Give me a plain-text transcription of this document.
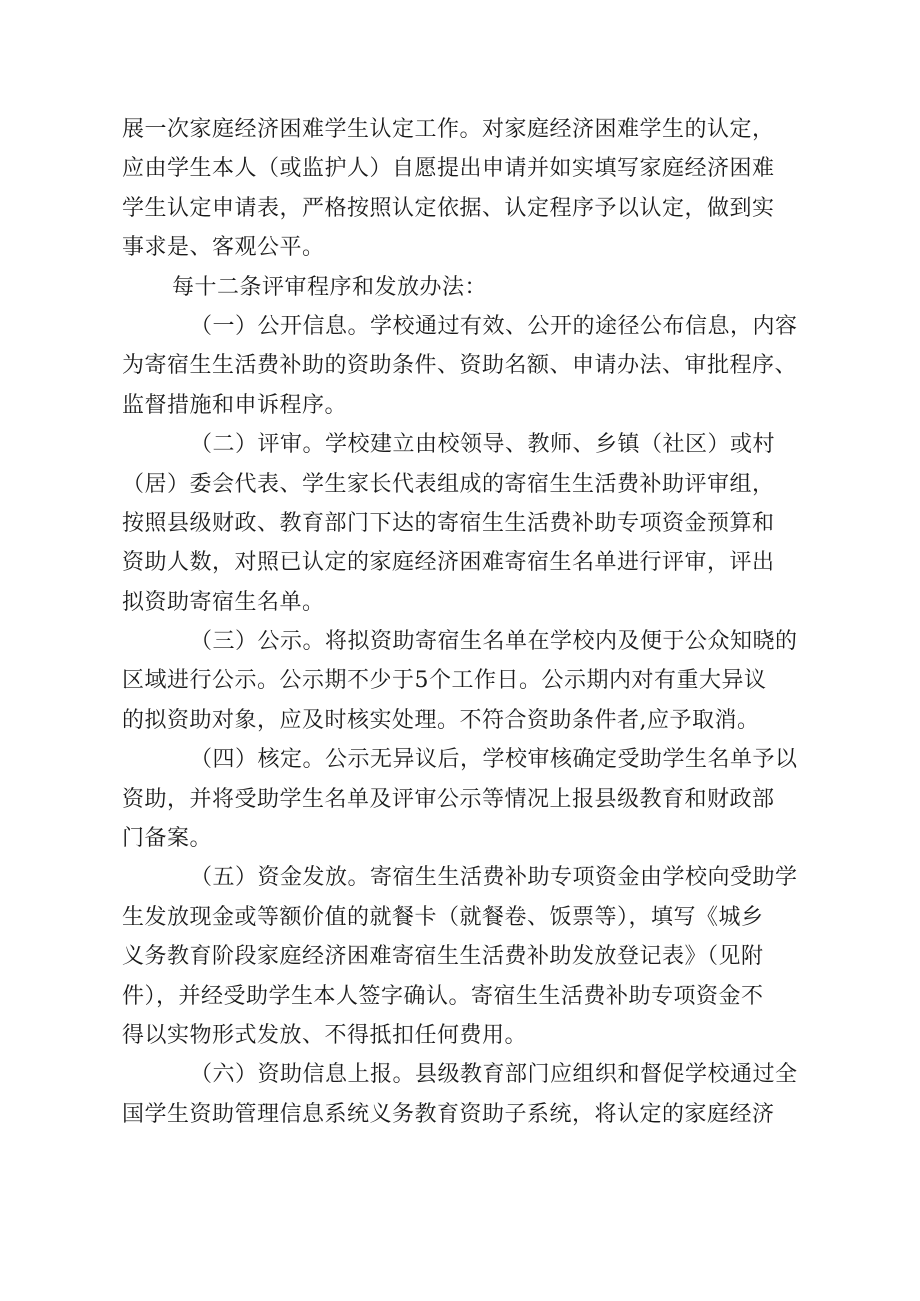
展一次家庭经济困难学生认定工作。对家庭经济困难学生的认定，
应由学生本人（或监护人）自愿提出申请并如实填写家庭经济困难
学生认定申请表，严格按照认定依据、认定程序予以认定，做到实
事求是、客观公平。
每十二条评审程序和发放办法：
（一）公开信息。学校通过有效、公开的途径公布信息，内容
为寄宿生生活费补助的资助条件、资助名额、申请办法、审批程序、
监督措施和申诉程序。
（二）评审。学校建立由校领导、教师、乡镇（社区）或村
（居）委会代表、学生家长代表组成的寄宿生生活费补助评审组，
按照县级财政、教育部门下达的寄宿生生活费补助专项资金预算和
资助人数，对照已认定的家庭经济困难寄宿生名单进行评审，评出
拟资助寄宿生名单。
（三）公示。将拟资助寄宿生名单在学校内及便于公众知晓的
区域进行公示。公示期不少于5个工作日。公示期内对有重大异议
的拟资助对象，应及时核实处理。不符合资助条件者,应予取消。
（四）核定。公示无异议后，学校审核确定受助学生名单予以
资助，并将受助学生名单及评审公示等情况上报县级教育和财政部
门备案。
（五）资金发放。寄宿生生活费补助专项资金由学校向受助学
生发放现金或等额价值的就餐卡（就餐卷、饭票等），填写《城乡
义务教育阶段家庭经济困难寄宿生生活费补助发放登记表》（见附
件），并经受助学生本人签字确认。寄宿生生活费补助专项资金不
得以实物形式发放、不得抵扣任何费用。
（六）资助信息上报。县级教育部门应组织和督促学校通过全
国学生资助管理信息系统义务教育资助子系统，将认定的家庭经济
